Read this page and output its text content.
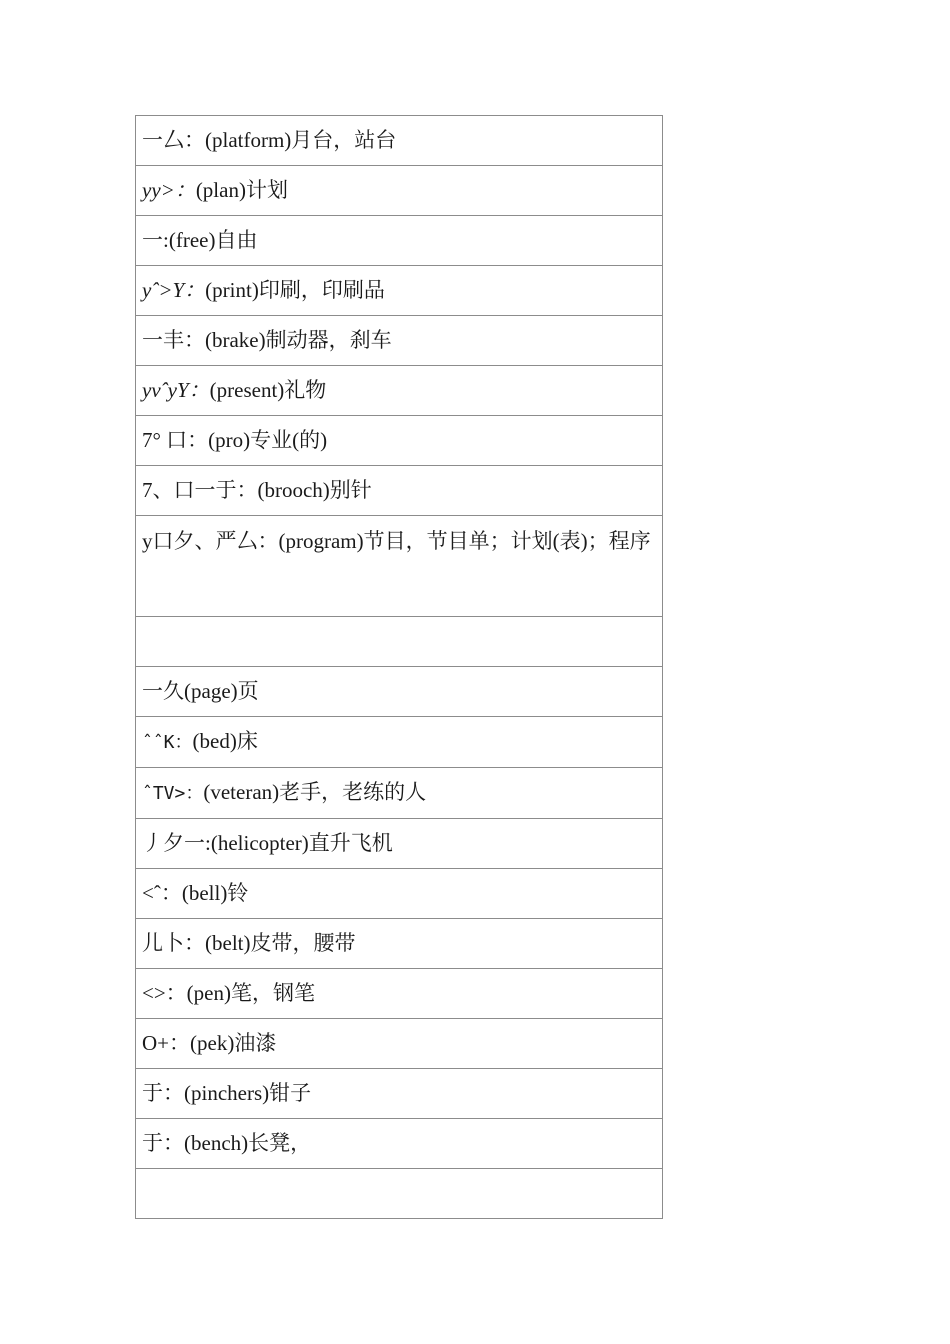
一厶：(platform)月台，站台
yy>：(plan)计划
一:(free)自由
yˆ>Y：(print)印刷，印刷品
一丰：(brake)制动器，刹车
yvˆyY：(present)礼物
7° 口：(pro)专业(的)
7、口一于：(brooch)别针
y口夕、严厶：(program)节目，节目单；计划(表)；程序

一久(page)页
ˆˆK：(bed)床
ˆTV>：(veteran)老手，老练的人
丿夕一:(helicopter)直升飞机
<ˆ：(bell)铃
儿卜：(belt)皮带，腰带
<>：(pen)笔，钢笔
O+：(pek)油漆
于：(pinchers)钳子
于：(bench)长凳，
